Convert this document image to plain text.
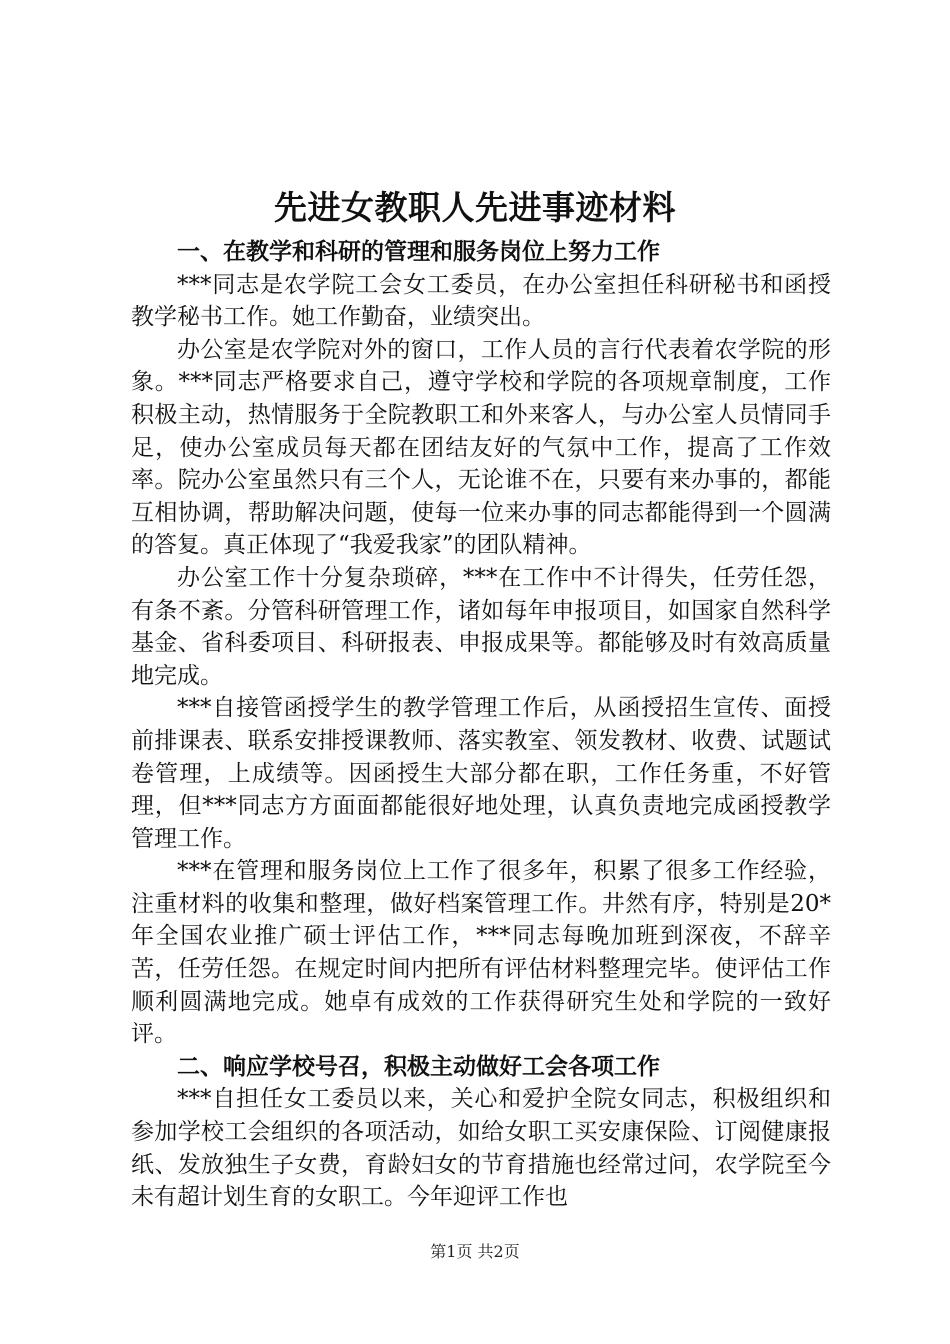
先进女教职人先进事迹材料

一、在教学和科研的管理和服务岗位上努力工作

***同志是农学院工会女工委员，在办公室担任科研秘书和函授教学秘书工作。她工作勤奋，业绩突出。

办公室是农学院对外的窗口，工作人员的言行代表着农学院的形象。***同志严格要求自己，遵守学校和学院的各项规章制度，工作积极主动，热情服务于全院教职工和外来客人，与办公室人员情同手足，使办公室成员每天都在团结友好的气氛中工作，提高了工作效率。院办公室虽然只有三个人，无论谁不在，只要有来办事的，都能互相协调，帮助解决问题，使每一位来办事的同志都能得到一个圆满的答复。真正体现了“我爱我家”的团队精神。

办公室工作十分复杂琐碎，***在工作中不计得失，任劳任怨，有条不紊。分管科研管理工作，诸如每年申报项目，如国家自然科学基金、省科委项目、科研报表、申报成果等。都能够及时有效高质量地完成。

***自接管函授学生的教学管理工作后，从函授招生宣传、面授前排课表、联系安排授课教师、落实教室、领发教材、收费、试题试卷管理，上成绩等。因函授生大部分都在职，工作任务重，不好管理，但***同志方方面面都能很好地处理，认真负责地完成函授教学管理工作。

***在管理和服务岗位上工作了很多年，积累了很多工作经验，注重材料的收集和整理，做好档案管理工作。井然有序，特别是20*年全国农业推广硕士评估工作，***同志每晚加班到深夜，不辞辛苦，任劳任怨。在规定时间内把所有评估材料整理完毕。使评估工作顺利圆满地完成。她卓有成效的工作获得研究生处和学院的一致好评。

二、响应学校号召，积极主动做好工会各项工作

***自担任女工委员以来，关心和爱护全院女同志，积极组织和参加学校工会组织的各项活动，如给女职工买安康保险、订阅健康报纸、发放独生子女费，育龄妇女的节育措施也经常过问，农学院至今未有超计划生育的女职工。今年迎评工作也

第1页 共2页
